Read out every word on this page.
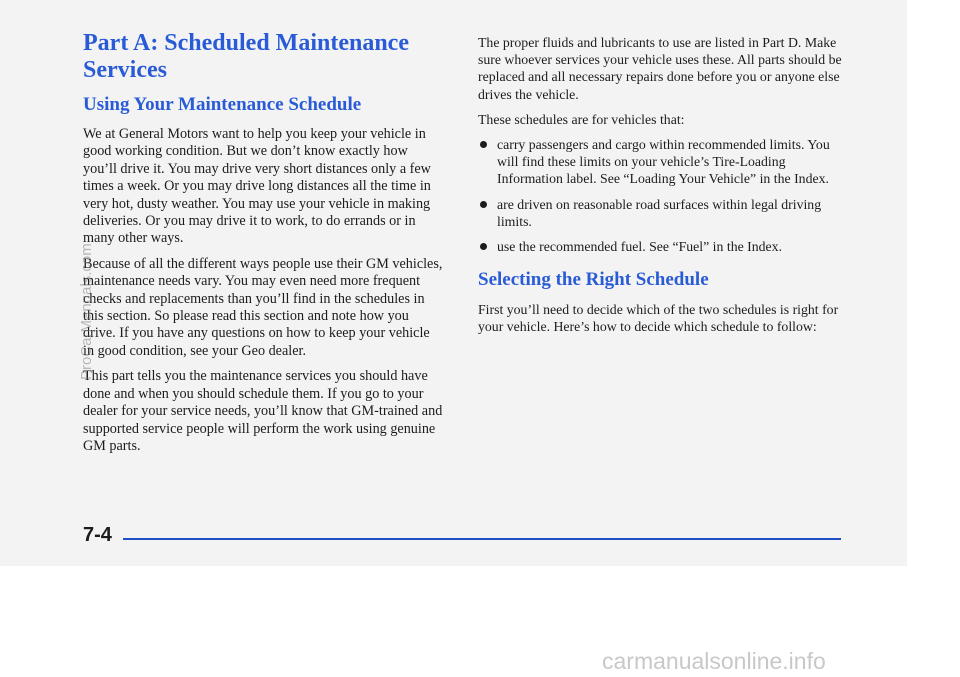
Part A: Scheduled Maintenance Services
Using Your Maintenance Schedule

We at General Motors want to help you keep your vehicle in good working condition. But we don’t know exactly how you’ll drive it. You may drive very short distances only a few times a week. Or you may drive long distances all the time in very hot, dusty weather. You may use your vehicle in making deliveries. Or you may drive it to work, to do errands or in many other ways.

Because of all the different ways people use their GM vehicles, maintenance needs vary. You may even need more frequent checks and replacements than you’ll find in the schedules in this section. So please read this section and note how you drive. If you have any questions on how to keep your vehicle in good condition, see your Geo dealer.

This part tells you the maintenance services you should have done and when you should schedule them. If you go to your dealer for your service needs, you’ll know that GM-trained and supported service people will perform the work using genuine GM parts.

The proper fluids and lubricants to use are listed in Part D. Make sure whoever services your vehicle uses these. All parts should be replaced and all necessary repairs done before you or anyone else drives the vehicle.

These schedules are for vehicles that:

carry passengers and cargo within recommended limits. You will find these limits on your vehicle’s Tire-Loading Information label. See “Loading Your Vehicle” in the Index.
are driven on reasonable road surfaces within legal driving limits.
use the recommended fuel. See “Fuel” in the Index.
Selecting the Right Schedule

First you’ll need to decide which of the two schedules is right for your vehicle. Here’s how to decide which schedule to follow:

7-4
ProCarManuals.com
carmanualsonline.info
